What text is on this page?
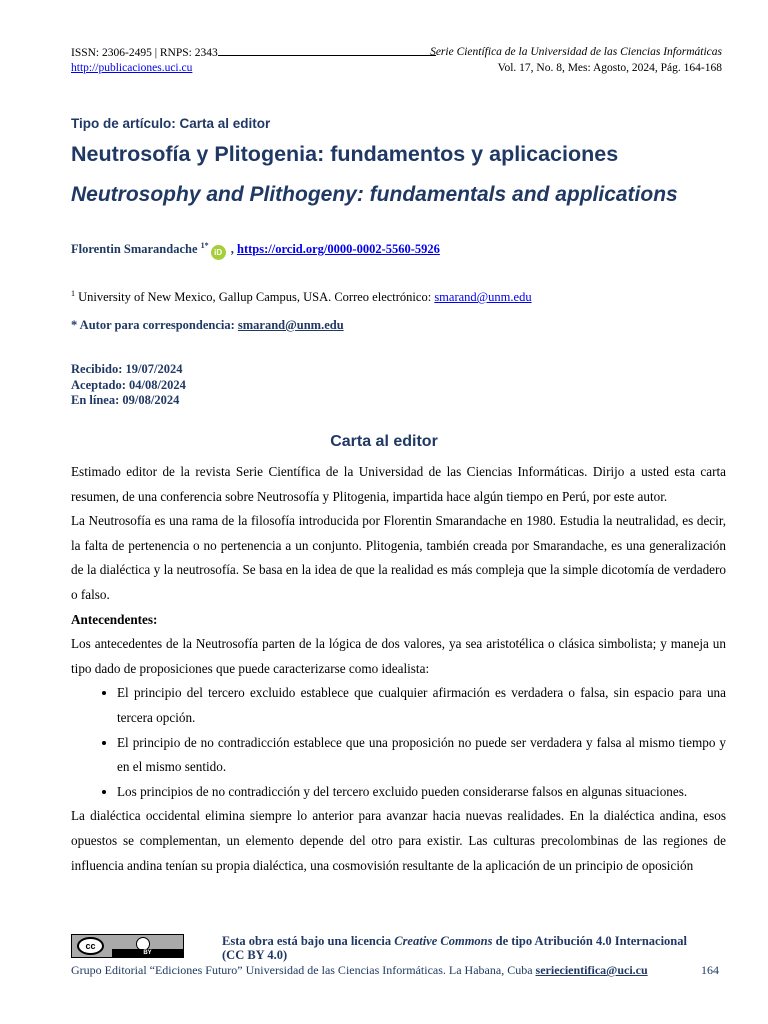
ISSN: 2306-2495 | RNPS: 2343	Serie Científica de la Universidad de las Ciencias Informáticas
http://publicaciones.uci.cu	Vol. 17, No. 8, Mes: Agosto, 2024, Pág. 164-168
Tipo de artículo: Carta al editor
Neutrosofía y Plitogenia: fundamentos y aplicaciones
Neutrosophy and Plithogeny: fundamentals and applications
Florentin Smarandache $^{1*}$iD , https://orcid.org/0000-0002-5560-5926
$^1$ University of New Mexico, Gallup Campus, USA. Correo electrónico: smarand@unm.edu
* Autor para correspondencia: smarand@unm.edu
Recibido: 19/07/2024
Aceptado: 04/08/2024
En línea: 09/08/2024
Carta al editor

Estimado editor de la revista Serie Científica de la Universidad de las Ciencias Informáticas. Dirijo a usted esta carta resumen, de una conferencia sobre Neutrosofía y Plitogenia, impartida hace algún tiempo en Perú, por este autor.

La Neutrosofía es una rama de la filosofía introducida por Florentin Smarandache en 1980. Estudia la neutralidad, es decir, la falta de pertenencia o no pertenencia a un conjunto. Plitogenia, también creada por Smarandache, es una generalización de la dialéctica y la neutrosofía. Se basa en la idea de que la realidad es más compleja que la simple dicotomía de verdadero o falso.

Antecendentes:

Los antecedentes de la Neutrosofía parten de la lógica de dos valores, ya sea aristotélica o clásica simbolista; y maneja un tipo dado de proposiciones que puede caracterizarse como idealista:

• El principio del tercero excluido establece que cualquier afirmación es verdadera o falsa, sin espacio para una tercera opción.
• El principio de no contradicción establece que una proposición no puede ser verdadera y falsa al mismo tiempo y en el mismo sentido.
• Los principios de no contradicción y del tercero excluido pueden considerarse falsos en algunas situaciones.

La dialéctica occidental elimina siempre lo anterior para avanzar hacia nuevas realidades. En la dialéctica andina, esos opuestos se complementan, un elemento depende del otro para existir. Las culturas precolombinas de las regiones de influencia andina tenían su propia dialéctica, una cosmovisión resultante de la aplicación de un principio de oposición

cc
BY
Esta obra está bajo una licencia Creative Commons de tipo Atribución 4.0 Internacional
(CC BY 4.0)
Grupo Editorial “Ediciones Futuro” Universidad de las Ciencias Informáticas. La Habana, Cuba seriecientifica@uci.cu	164
